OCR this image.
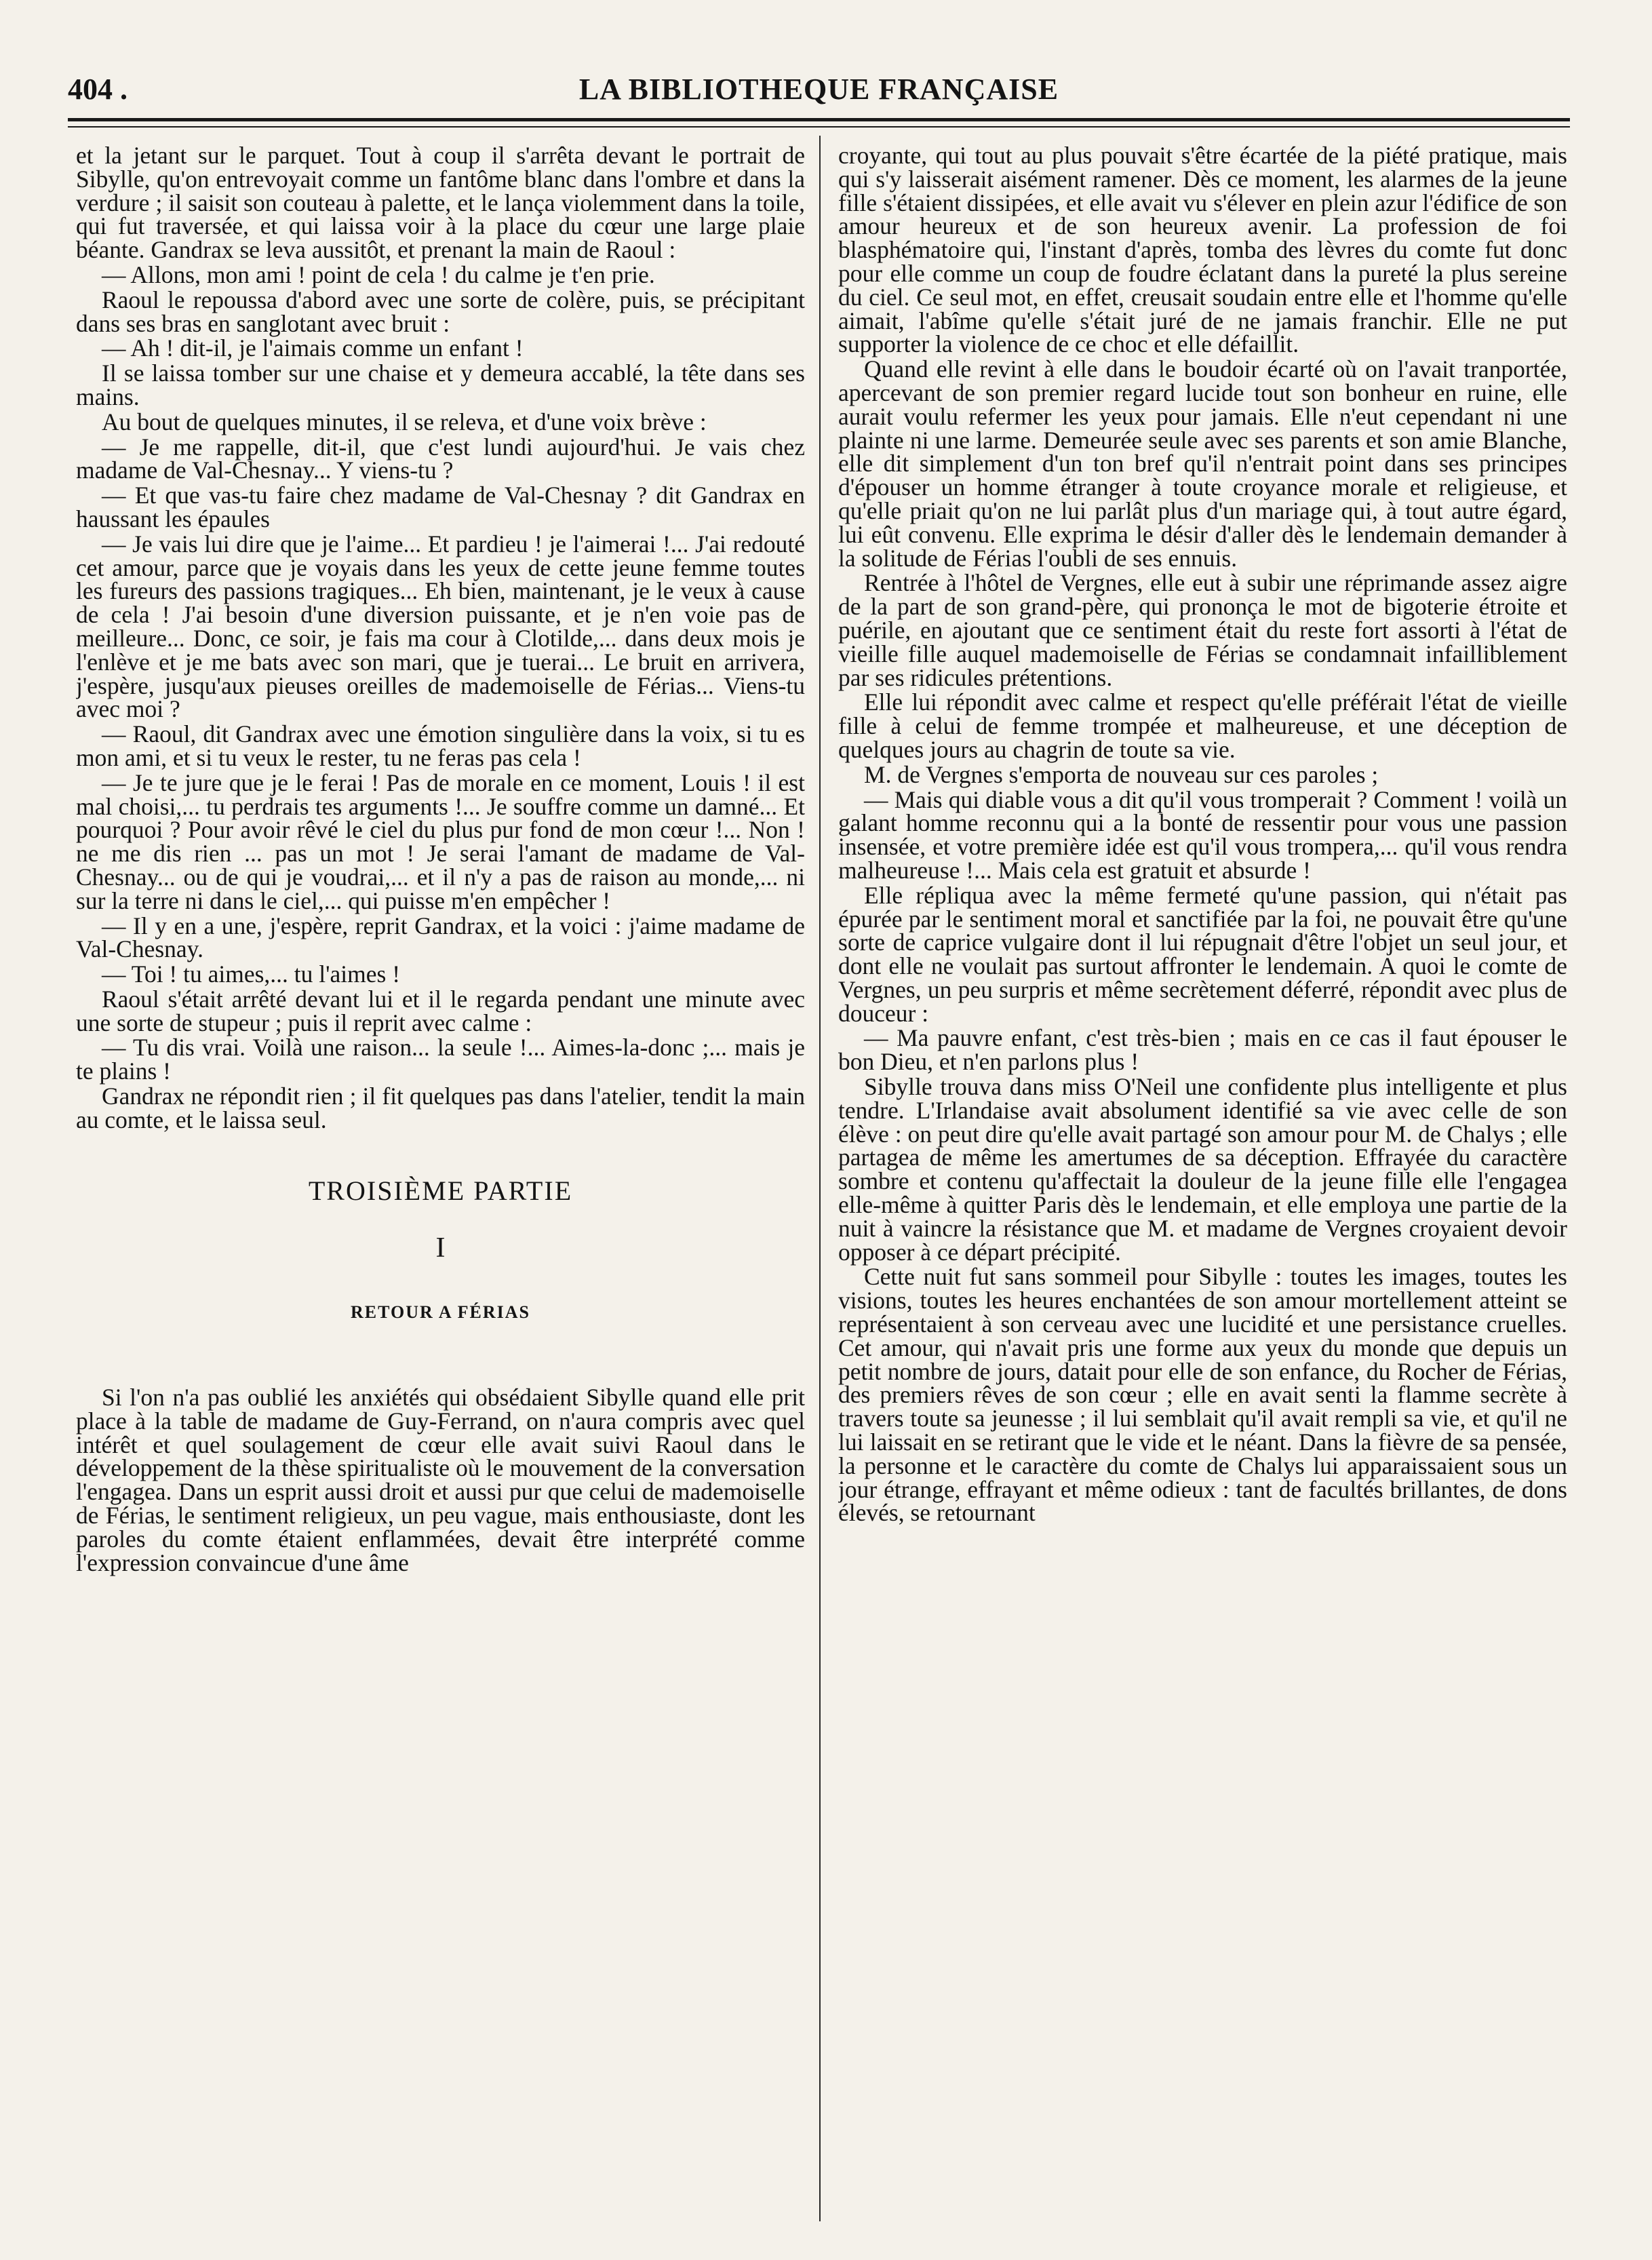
404 .	LA BIBLIOTHEQUE FRANÇAISE

et la jetant sur le parquet. Tout à coup il s'arrêta devant le portrait de Sibylle, qu'on entrevoyait comme un fantôme blanc dans l'ombre et dans la verdure ; il saisit son couteau à palette, et le lança violemment dans la toile, qui fut traversée, et qui laissa voir à la place du cœur une large plaie béante. Gandrax se leva aussitôt, et prenant la main de Raoul :

— Allons, mon ami ! point de cela ! du calme je t'en prie.

Raoul le repoussa d'abord avec une sorte de colère, puis, se précipitant dans ses bras en sanglotant avec bruit :

— Ah ! dit-il, je l'aimais comme un enfant !

Il se laissa tomber sur une chaise et y demeura accablé, la tête dans ses mains.

Au bout de quelques minutes, il se releva, et d'une voix brève :

— Je me rappelle, dit-il, que c'est lundi aujourd'hui. Je vais chez madame de Val-Chesnay... Y viens-tu ?

— Et que vas-tu faire chez madame de Val-Chesnay ? dit Gandrax en haussant les épaules

— Je vais lui dire que je l'aime... Et pardieu ! je l'aimerai !... J'ai redouté cet amour, parce que je voyais dans les yeux de cette jeune femme toutes les fureurs des passions tragiques... Eh bien, maintenant, je le veux à cause de cela ! J'ai besoin d'une diversion puissante, et je n'en voie pas de meilleure... Donc, ce soir, je fais ma cour à Clotilde,... dans deux mois je l'enlève et je me bats avec son mari, que je tuerai... Le bruit en arrivera, j'espère, jusqu'aux pieuses oreilles de mademoiselle de Férias... Viens-tu avec moi ?

— Raoul, dit Gandrax avec une émotion singulière dans la voix, si tu es mon ami, et si tu veux le rester, tu ne feras pas cela !

— Je te jure que je le ferai ! Pas de morale en ce moment, Louis ! il est mal choisi,... tu perdrais tes arguments !... Je souffre comme un damné... Et pourquoi ? Pour avoir rêvé le ciel du plus pur fond de mon cœur !... Non ! ne me dis rien ... pas un mot ! Je serai l'amant de madame de Val-Chesnay... ou de qui je voudrai,... et il n'y a pas de raison au monde,... ni sur la terre ni dans le ciel,... qui puisse m'en empêcher !

— Il y en a une, j'espère, reprit Gandrax, et la voici : j'aime madame de Val-Chesnay.

— Toi ! tu aimes,... tu l'aimes !

Raoul s'était arrêté devant lui et il le regarda pendant une minute avec une sorte de stupeur ; puis il reprit avec calme :

— Tu dis vrai. Voilà une raison... la seule !... Aimes-la-donc ;... mais je te plains !

Gandrax ne répondit rien ; il fit quelques pas dans l'atelier, tendit la main au comte, et le laissa seul.

TROISIÈME PARTIE
I
RETOUR A FÉRIAS

Si l'on n'a pas oublié les anxiétés qui obsédaient Sibylle quand elle prit place à la table de madame de Guy-Ferrand, on n'aura compris avec quel intérêt et quel soulagement de cœur elle avait suivi Raoul dans le développement de la thèse spiritualiste où le mouvement de la conversation l'engagea. Dans un esprit aussi droit et aussi pur que celui de mademoiselle de Férias, le sentiment religieux, un peu vague, mais enthousiaste, dont les paroles du comte étaient enflammées, devait être interprété comme l'expression convaincue d'une âme

croyante, qui tout au plus pouvait s'être écartée de la piété pratique, mais qui s'y laisserait aisément ramener. Dès ce moment, les alarmes de la jeune fille s'étaient dissipées, et elle avait vu s'élever en plein azur l'édifice de son amour heureux et de son heureux avenir. La profession de foi blasphématoire qui, l'instant d'après, tomba des lèvres du comte fut donc pour elle comme un coup de foudre éclatant dans la pureté la plus sereine du ciel. Ce seul mot, en effet, creusait soudain entre elle et l'homme qu'elle aimait, l'abîme qu'elle s'était juré de ne jamais franchir. Elle ne put supporter la violence de ce choc et elle défaillit.

Quand elle revint à elle dans le boudoir écarté où on l'avait tranportée, apercevant de son premier regard lucide tout son bonheur en ruine, elle aurait voulu refermer les yeux pour jamais. Elle n'eut cependant ni une plainte ni une larme. Demeurée seule avec ses parents et son amie Blanche, elle dit simplement d'un ton bref qu'il n'entrait point dans ses principes d'épouser un homme étranger à toute croyance morale et religieuse, et qu'elle priait qu'on ne lui parlât plus d'un mariage qui, à tout autre égard, lui eût convenu. Elle exprima le désir d'aller dès le lendemain demander à la solitude de Férias l'oubli de ses ennuis.

Rentrée à l'hôtel de Vergnes, elle eut à subir une réprimande assez aigre de la part de son grand-père, qui prononça le mot de bigoterie étroite et puérile, en ajoutant que ce sentiment était du reste fort assorti à l'état de vieille fille auquel mademoiselle de Férias se condamnait infailliblement par ses ridicules prétentions.

Elle lui répondit avec calme et respect qu'elle préférait l'état de vieille fille à celui de femme trompée et malheureuse, et une déception de quelques jours au chagrin de toute sa vie.

M. de Vergnes s'emporta de nouveau sur ces paroles ;

— Mais qui diable vous a dit qu'il vous tromperait ? Comment ! voilà un galant homme reconnu qui a la bonté de ressentir pour vous une passion insensée, et votre première idée est qu'il vous trompera,... qu'il vous rendra malheureuse !... Mais cela est gratuit et absurde !

Elle répliqua avec la même fermeté qu'une passion, qui n'était pas épurée par le sentiment moral et sanctifiée par la foi, ne pouvait être qu'une sorte de caprice vulgaire dont il lui répugnait d'être l'objet un seul jour, et dont elle ne voulait pas surtout affronter le lendemain. A quoi le comte de Vergnes, un peu surpris et même secrètement déferré, répondit avec plus de douceur :

— Ma pauvre enfant, c'est très-bien ; mais en ce cas il faut épouser le bon Dieu, et n'en parlons plus !

Sibylle trouva dans miss O'Neil une confidente plus intelligente et plus tendre. L'Irlandaise avait absolument identifié sa vie avec celle de son élève : on peut dire qu'elle avait partagé son amour pour M. de Chalys ; elle partagea de même les amertumes de sa déception. Effrayée du caractère sombre et contenu qu'affectait la douleur de la jeune fille elle l'engagea elle-même à quitter Paris dès le lendemain, et elle employa une partie de la nuit à vaincre la résistance que M. et madame de Vergnes croyaient devoir opposer à ce départ précipité.

Cette nuit fut sans sommeil pour Sibylle : toutes les images, toutes les visions, toutes les heures enchantées de son amour mortellement atteint se représentaient à son cerveau avec une lucidité et une persistance cruelles. Cet amour, qui n'avait pris une forme aux yeux du monde que depuis un petit nombre de jours, datait pour elle de son enfance, du Rocher de Férias, des premiers rêves de son cœur ; elle en avait senti la flamme secrète à travers toute sa jeunesse ; il lui semblait qu'il avait rempli sa vie, et qu'il ne lui laissait en se retirant que le vide et le néant. Dans la fièvre de sa pensée, la personne et le caractère du comte de Chalys lui apparaissaient sous un jour étrange, effrayant et même odieux : tant de facultés brillantes, de dons élevés, se retournant
